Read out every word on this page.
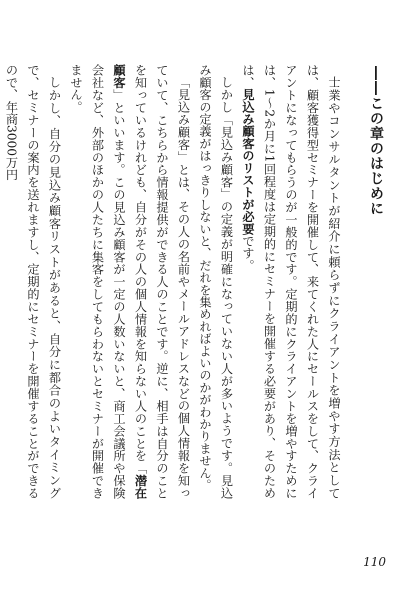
――この章のはじめに

士業やコンサルタントが紹介に頼らずにクライアントを増やす方法としては、顧客獲得型セミナーを開催して、来てくれた人にセールスをして、クライアントになってもらうのが一般的です。定期的にクライアントを増やすためには、1〜2か月に1回程度は定期的にセミナーを開催する必要があり、そのためは、見込み顧客のリストが必要です。

しかし「見込み顧客」の定義が明確になっていない人が多いようです。見込み顧客の定義がはっきりしないと、だれを集めればよいのかがわかりません。

「見込み顧客」とは、その人の名前やメールアドレスなどの個人情報を知っていて、こちらから情報提供ができる人のことです。逆に、相手は自分のことを知っているけれども、自分がその人の個人情報を知らない人のことを「潜在顧客」といいます。この見込み顧客が一定の人数いないと、商工会議所や保険会社など、外部のほかの人たちに集客をしてもらわないとセミナーが開催できません。

しかし、自分の見込み顧客リストがあると、自分に都合のよいタイミングで、セミナーの案内を送れますし、定期的にセミナーを開催することができるので、年商3000万円

110
